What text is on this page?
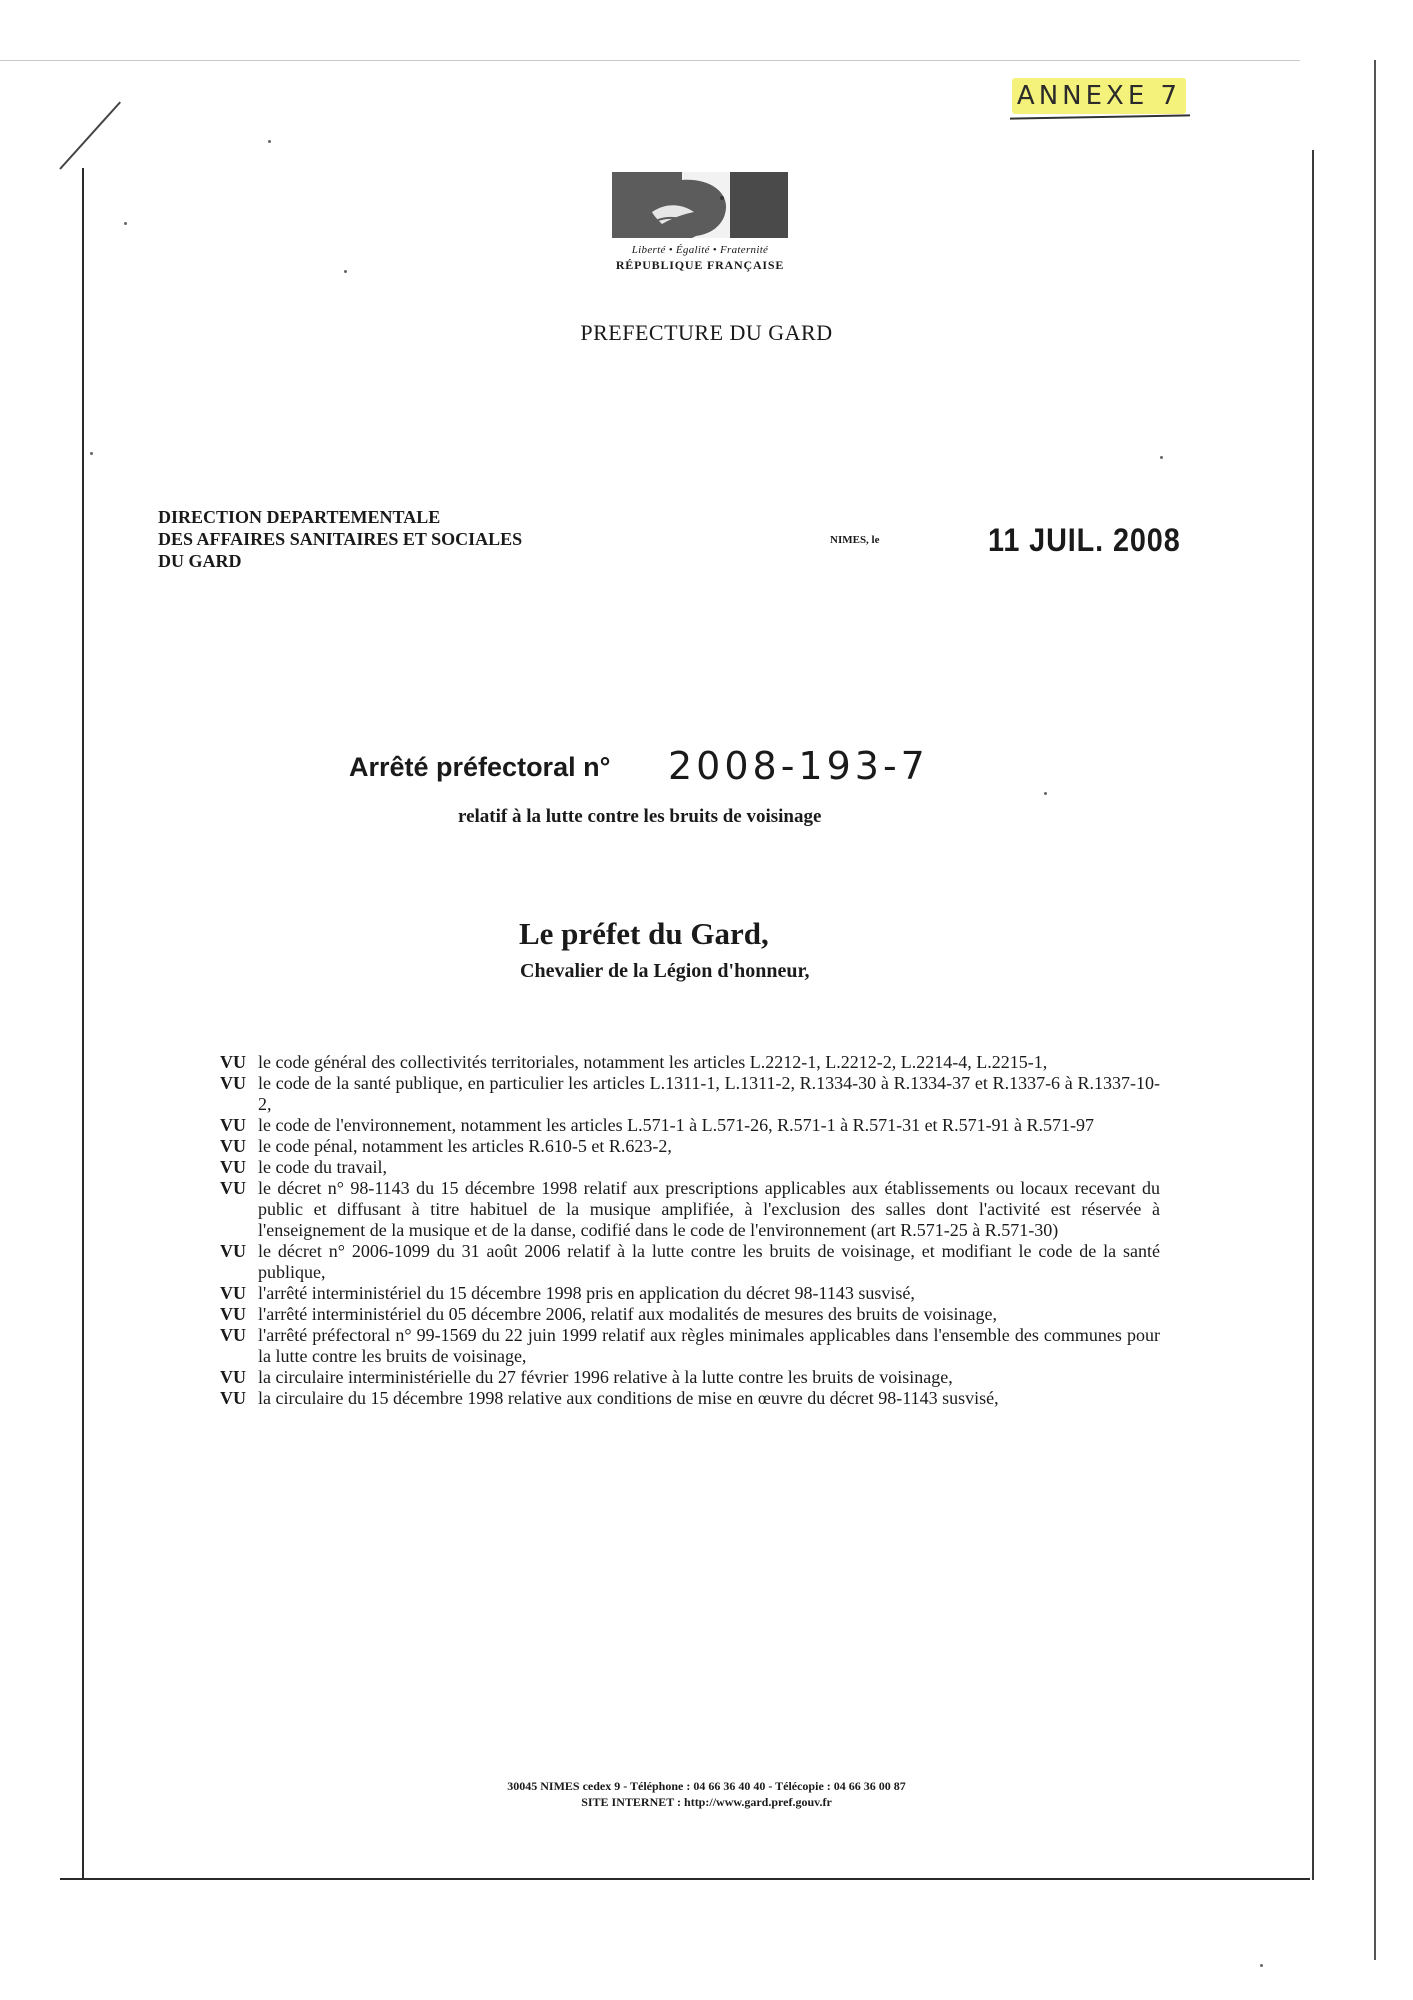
ANNEXE 7
Liberté • Égalité • Fraternité
RÉPUBLIQUE FRANÇAISE
PREFECTURE DU GARD
DIRECTION DEPARTEMENTALE
DES AFFAIRES SANITAIRES ET SOCIALES
DU GARD
NIMES, le	11 JUIL. 2008
Arrêté préfectoral n° 2008-193-7
relatif à la lutte contre les bruits de voisinage
Le préfet du Gard,
Chevalier de la Légion d'honneur,
VU le code général des collectivités territoriales, notamment les articles L.2212-1, L.2212-2, L.2214-4, L.2215-1,
VU le code de la santé publique, en particulier les articles L.1311-1, L.1311-2, R.1334-30 à R.1334-37 et R.1337-6 à R.1337-10-2,
VU le code de l'environnement, notamment les articles L.571-1 à L.571-26, R.571-1 à R.571-31 et R.571-91 à R.571-97
VU le code pénal, notamment les articles R.610-5 et R.623-2,
VU le code du travail,
VU le décret n° 98-1143 du 15 décembre 1998 relatif aux prescriptions applicables aux établissements ou locaux recevant du public et diffusant à titre habituel de la musique amplifiée, à l'exclusion des salles dont l'activité est réservée à l'enseignement de la musique et de la danse, codifié dans le code de l'environnement (art R.571-25 à R.571-30)
VU le décret n° 2006-1099 du 31 août 2006 relatif à la lutte contre les bruits de voisinage, et modifiant le code de la santé publique,
VU l'arrêté interministériel du 15 décembre 1998 pris en application du décret 98-1143 susvisé,
VU l'arrêté interministériel du 05 décembre 2006, relatif aux modalités de mesures des bruits de voisinage,
VU l'arrêté préfectoral n° 99-1569 du 22 juin 1999 relatif aux règles minimales applicables dans l'ensemble des communes pour la lutte contre les bruits de voisinage,
VU la circulaire interministérielle du 27 février 1996 relative à la lutte contre les bruits de voisinage,
VU la circulaire du 15 décembre 1998 relative aux conditions de mise en œuvre du décret 98-1143 susvisé,
30045 NIMES cedex 9 - Téléphone : 04 66 36 40 40 - Télécopie : 04 66 36 00 87
SITE INTERNET : http://www.gard.pref.gouv.fr
